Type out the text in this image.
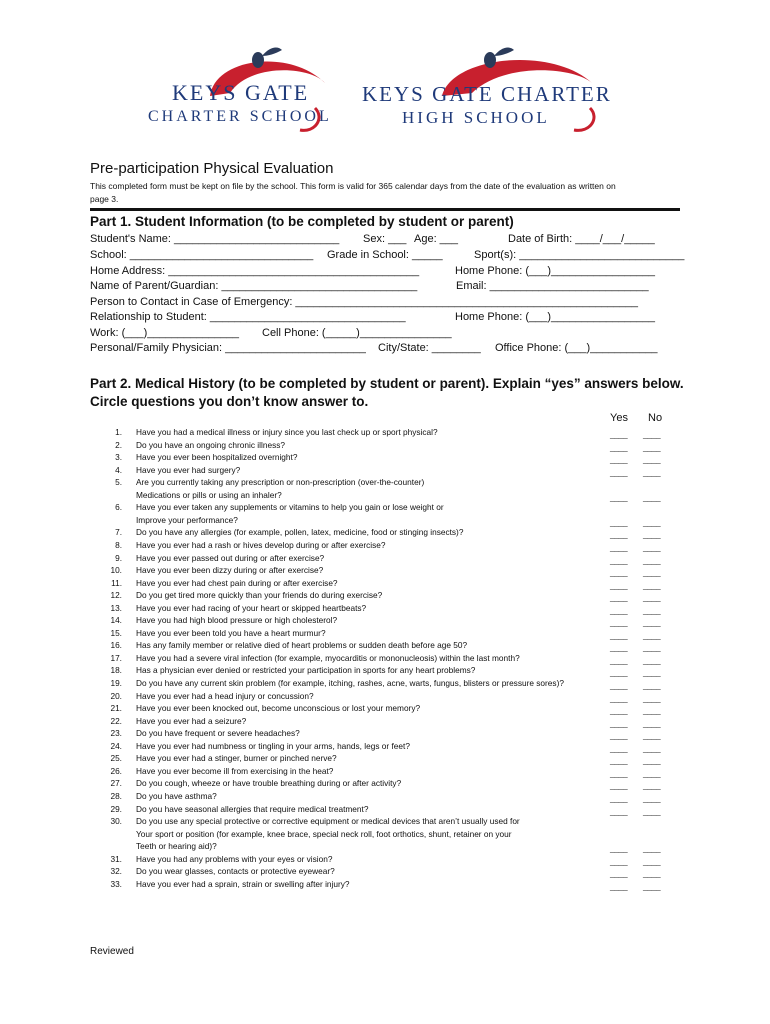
KEYS GATE
CHARTER SCHOOL
KEYS GATE CHARTER
HIGH SCHOOL
Pre-participation Physical Evaluation
This completed form must be kept on file by the school. This form is valid for 365 calendar days from the date of the evaluation as written on
page 3.
Part 1. Student Information (to be completed by student or parent)
Student's Name: ___________________________ Sex: ___ Age: ___	Date of Birth: ____/___/_____
School: ______________________________ Grade in School: _____	Sport(s): ___________________________
Home Address: _________________________________________	Home Phone: (___)_________________
Name of Parent/Guardian: ________________________________	Email: __________________________
Person to Contact in Case of Emergency: ________________________________________________________
Relationship to Student: ________________________________	Home Phone: (___)_________________
Work: (___)_______________ Cell Phone: (_____)_______________
Personal/Family Physician: _______________________ City/State: ________ Office Phone: (___)___________
Part 2. Medical History (to be completed by student or parent). Explain “yes” answers below.
Circle questions you don’t know answer to.
Yes No
1. Have you had a medical illness or injury since you last check up or sport physical?	____ ____
2. Do you have an ongoing chronic illness?	____ ____
3. Have you ever been hospitalized overnight?	____ ____
4. Have you ever had surgery?	____ ____
5. Are you currently taking any prescription or non-prescription (over-the-counter)
Medications or pills or using an inhaler?	____ ____
6. Have you ever taken any supplements or vitamins to help you gain or lose weight or
Improve your performance?	____ ____
7. Do you have any allergies (for example, pollen, latex, medicine, food or stinging insects)?	____ ____
8. Have you ever had a rash or hives develop during or after exercise?	____ ____
9. Have you ever passed out during or after exercise?	____ ____
10. Have you ever been dizzy during or after exercise?	____ ____
11. Have you ever had chest pain during or after exercise?	____ ____
12. Do you get tired more quickly than your friends do during exercise?	____ ____
13. Have you ever had racing of your heart or skipped heartbeats?	____ ____
14. Have you had high blood pressure or high cholesterol?	____ ____
15. Have you ever been told you have a heart murmur?	____ ____
16. Has any family member or relative died of heart problems or sudden death before age 50?	____ ____
17. Have you had a severe viral infection (for example, myocarditis or mononucleosis) within the last month?	____ ____
18. Has a physician ever denied or restricted your participation in sports for any heart problems?	____ ____
19. Do you have any current skin problem (for example, itching, rashes, acne, warts, fungus, blisters or pressure sores)?	____ ____
20. Have you ever had a head injury or concussion?	____ ____
21. Have you ever been knocked out, become unconscious or lost your memory?	____ ____
22. Have you ever had a seizure?	____ ____
23. Do you have frequent or severe headaches?	____ ____
24. Have you ever had numbness or tingling in your arms, hands, legs or feet?	____ ____
25. Have you ever had a stinger, burner or pinched nerve?	____ ____
26. Have you ever become ill from exercising in the heat?	____ ____
27. Do you cough, wheeze or have trouble breathing during or after activity?	____ ____
28. Do you have asthma?	____ ____
29. Do you have seasonal allergies that require medical treatment?	____ ____
30. Do you use any special protective or corrective equipment or medical devices that aren’t usually used for
Your sport or position (for example, knee brace, special neck roll, foot orthotics, shunt, retainer on your
Teeth or hearing aid)?	____ ____
31. Have you had any problems with your eyes or vision?	____ ____
32. Do you wear glasses, contacts or protective eyewear?	____ ____
33. Have you ever had a sprain, strain or swelling after injury?	____ ____
Reviewed
